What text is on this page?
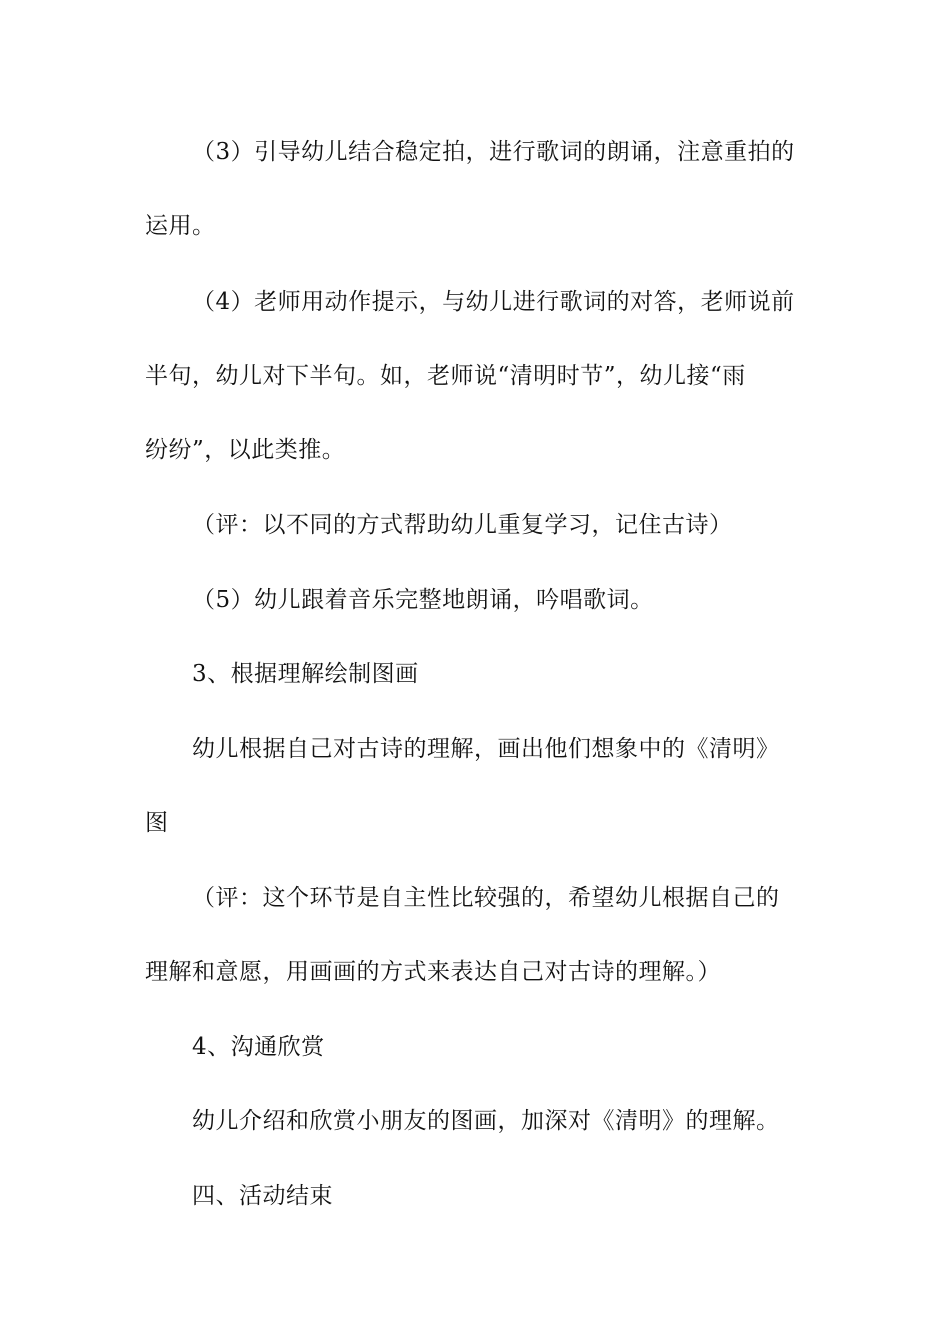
（3）引导幼儿结合稳定拍，进行歌词的朗诵，注意重拍的
运用。
（4）老师用动作提示，与幼儿进行歌词的对答，老师说前
半句，幼儿对下半句。如，老师说“清明时节”，幼儿接“雨
纷纷”，以此类推。
（评：以不同的方式帮助幼儿重复学习，记住古诗）
（5）幼儿跟着音乐完整地朗诵，吟唱歌词。
3、根据理解绘制图画
幼儿根据自己对古诗的理解，画出他们想象中的《清明》
图
（评：这个环节是自主性比较强的，希望幼儿根据自己的
理解和意愿，用画画的方式来表达自己对古诗的理解。）
4、沟通欣赏
幼儿介绍和欣赏小朋友的图画，加深对《清明》的理解。
四、活动结束
